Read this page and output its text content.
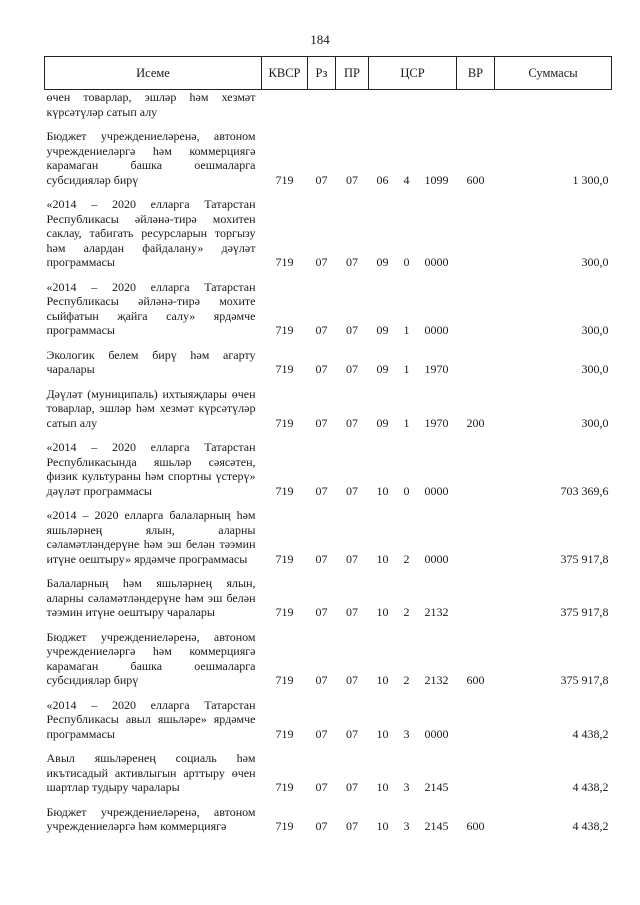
184
Исеме	КВСР	Рз	ПР	ЦСР			ВР	Суммасы

өчен товарлар, эшләр һәм хезмәт күрсәтүләр сатып алу								

Бюджет учреждениеләренә, автоном учреждениеләргә һәм коммерциягә карамаган башка оешмаларга субсидияләр бирү	719	07	07	06	4	1099	600	1 300,0

«2014 – 2020 елларга Татарстан Республикасы әйләнә-тирә мохитен саклау, табигать ресурсларын торгызу һәм алардан файдалану» дәүләт программасы	719	07	07	09	0	0000		300,0

«2014 – 2020 елларга Татарстан Республикасы әйләнә-тирә мохите сыйфатын җайга салу» ярдәмче программасы	719	07	07	09	1	0000		300,0

Экологик белем бирү һәм агарту чаралары	719	07	07	09	1	1970		300,0

Дәүләт (муниципаль) ихтыяҗлары өчен товарлар, эшләр һәм хезмәт күрсәтүләр сатып алу	719	07	07	09	1	1970	200	300,0

«2014 – 2020 елларга Татарстан Республикасында яшьләр сәясәтен, физик культураны һәм спортны үстерү» дәүләт программасы	719	07	07	10	0	0000		703 369,6

«2014 – 2020 елларга балаларның һәм яшьләрнең ялын, аларны сәламәтләндерүне һәм эш белән тәэмин итүне оештыру» ярдәмче программасы	719	07	07	10	2	0000		375 917,8

Балаларның һәм яшьләрнең ялын, аларны сәламәтләндерүне һәм эш белән тәэмин итүне оештыру чаралары	719	07	07	10	2	2132		375 917,8

Бюджет учреждениеләренә, автоном учреждениеләргә һәм коммерциягә карамаган башка оешмаларга субсидияләр бирү	719	07	07	10	2	2132	600	375 917,8

«2014 – 2020 елларга Татарстан Республикасы авыл яшьләре» ярдәмче программасы	719	07	07	10	3	0000		4 438,2

Авыл яшьләренең социаль һәм икътисадый активлыгын арттыру өчен шартлар тудыру чаралары	719	07	07	10	3	2145		4 438,2

Бюджет учреждениеләренә, автоном учреждениеләргә һәм коммерциягә	719	07	07	10	3	2145	600	4 438,2
